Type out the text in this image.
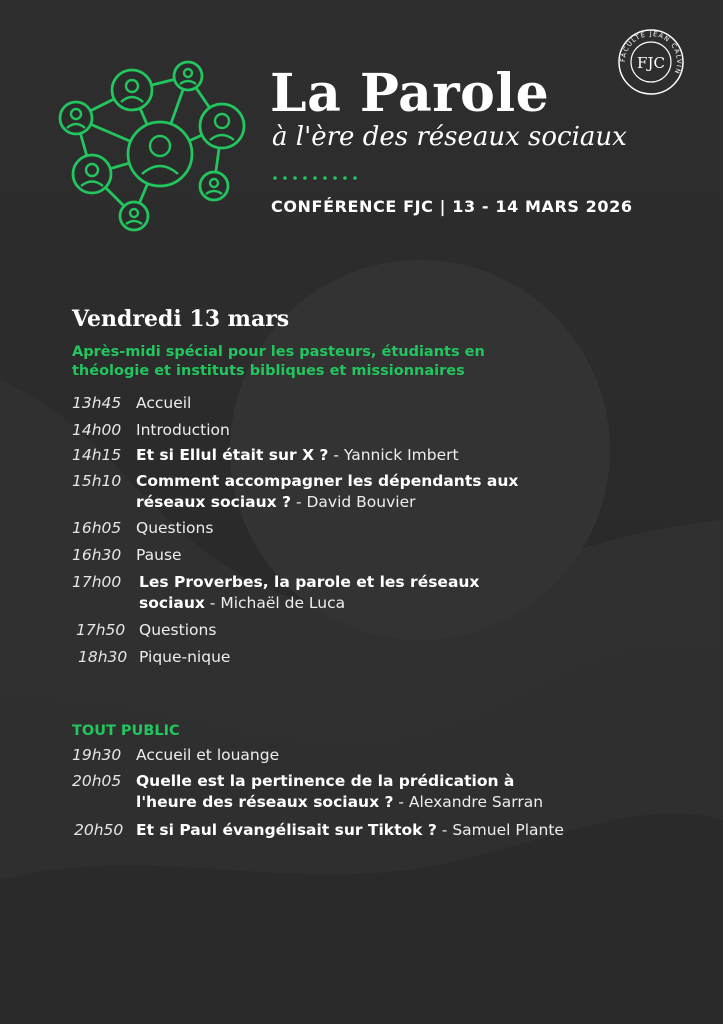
La Parole
à l'ère des réseaux sociaux
CONFÉRENCE FJC | 13 - 14 MARS 2026
FACULTÉ JEAN CALVIN
FJC
Vendredi 13 mars
Après-midi spécial pour les pasteurs, étudiants en théologie et instituts bibliques et missionnaires
13h45 Accueil
14h00 Introduction
14h15 Et si Ellul était sur X ? - Yannick Imbert
15h10 Comment accompagner les dépendants aux
réseaux sociaux ? - David Bouvier
16h05 Questions
16h30 Pause
17h00 Les Proverbes, la parole et les réseaux
sociaux - Michaël de Luca
17h50 Questions
18h30 Pique-nique
TOUT PUBLIC
19h30 Accueil et louange
20h05 Quelle est la pertinence de la prédication à
l'heure des réseaux sociaux ? - Alexandre Sarran
20h50 Et si Paul évangélisait sur Tiktok ? - Samuel Plante
